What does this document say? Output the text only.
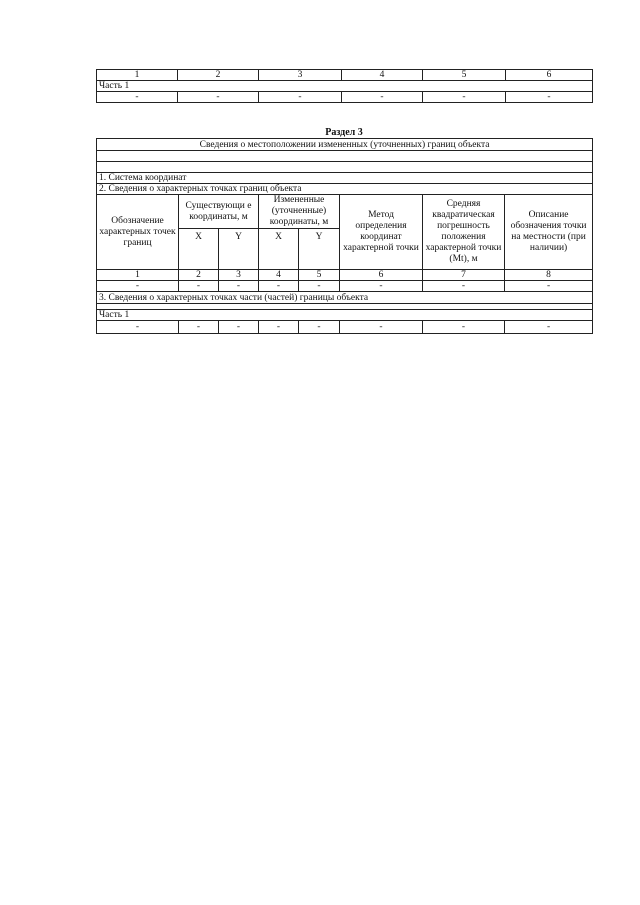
1	2	3	4	5	6
Часть 1					
-	-	-	-	-	-
Раздел 3
Сведения о местоположении измененных (уточненных) границ объекта							

1. Система координат							
2. Сведения о характерных точках границ объекта							
Обозначение характерных точек границ	Существующи е координаты, м		Измененные (уточненные) координаты, м		Метод определения координат характерной точки	Средняя квадратическая погрешность положения характерной точки (Mt), м	Описание обозначения точки на местности (при наличии)
	X	Y	X	Y			
1	2	3	4	5	6	7	8
-	-	-	-	-	-	-	-
3. Сведения о характерных точках части (частей) границы объекта							

Часть 1							
-	-	-	-	-	-	-	-
